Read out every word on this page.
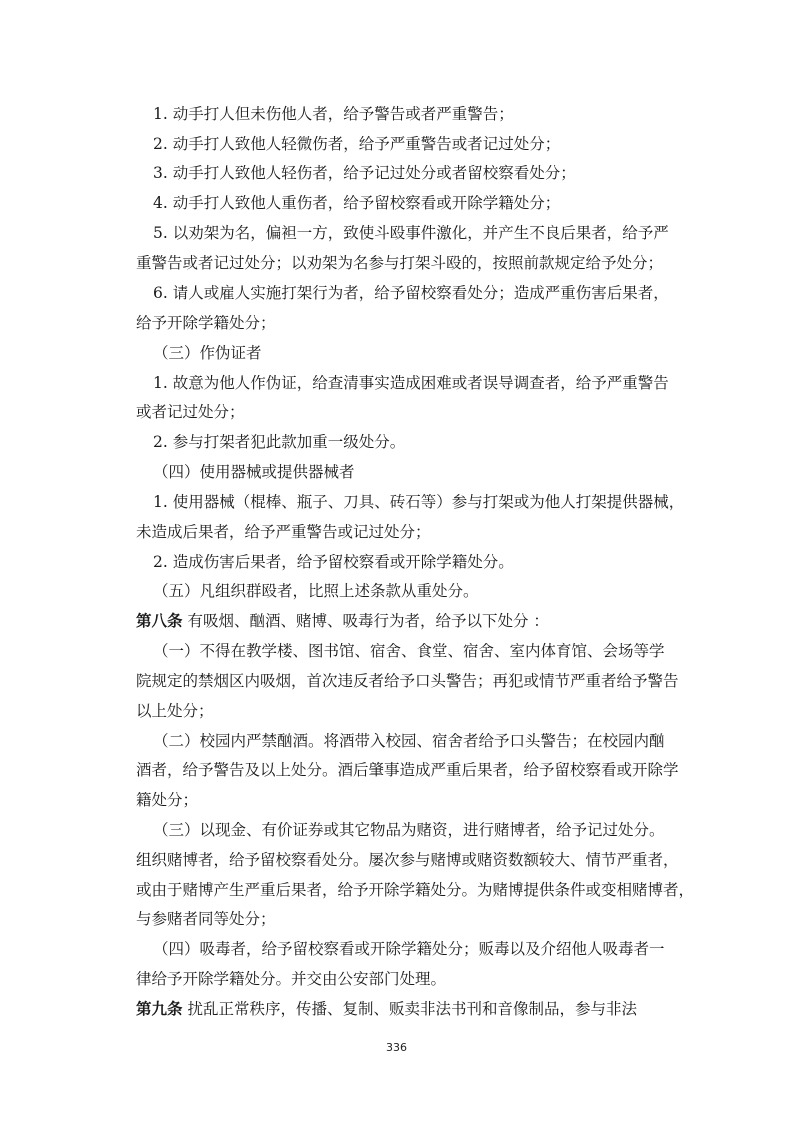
1. 动手打人但未伤他人者，给予警告或者严重警告；
2. 动手打人致他人轻微伤者，给予严重警告或者记过处分；
3. 动手打人致他人轻伤者，给予记过处分或者留校察看处分；
4. 动手打人致他人重伤者，给予留校察看或开除学籍处分；
5. 以劝架为名，偏袒一方，致使斗殴事件激化，并产生不良后果者，给予严
重警告或者记过处分；以劝架为名参与打架斗殴的，按照前款规定给予处分；
6. 请人或雇人实施打架行为者，给予留校察看处分；造成严重伤害后果者，
给予开除学籍处分；
（三）作伪证者
1. 故意为他人作伪证，给查清事实造成困难或者误导调查者，给予严重警告
或者记过处分；
2. 参与打架者犯此款加重一级处分。
（四）使用器械或提供器械者
1. 使用器械（棍棒、瓶子、刀具、砖石等）参与打架或为他人打架提供器械，
未造成后果者，给予严重警告或记过处分；
2. 造成伤害后果者，给予留校察看或开除学籍处分。
（五）凡组织群殴者，比照上述条款从重处分。
第八条 有吸烟、酗酒、赌博、吸毒行为者，给予以下处分 ：
（一）不得在教学楼、图书馆、宿舍、食堂、宿舍、室内体育馆、会场等学
院规定的禁烟区内吸烟，首次违反者给予口头警告；再犯或情节严重者给予警告
以上处分；
（二）校园内严禁酗酒。将酒带入校园、宿舍者给予口头警告；在校园内酗
酒者，给予警告及以上处分。酒后肇事造成严重后果者，给予留校察看或开除学
籍处分；
（三）以现金、有价证券或其它物品为赌资，进行赌博者，给予记过处分。
组织赌博者，给予留校察看处分。屡次参与赌博或赌资数额较大、情节严重者，
或由于赌博产生严重后果者，给予开除学籍处分。为赌博提供条件或变相赌博者，
与参赌者同等处分；
（四）吸毒者，给予留校察看或开除学籍处分；贩毒以及介绍他人吸毒者一
律给予开除学籍处分。并交由公安部门处理。
第九条 扰乱正常秩序，传播、复制、贩卖非法书刊和音像制品，参与非法
336
